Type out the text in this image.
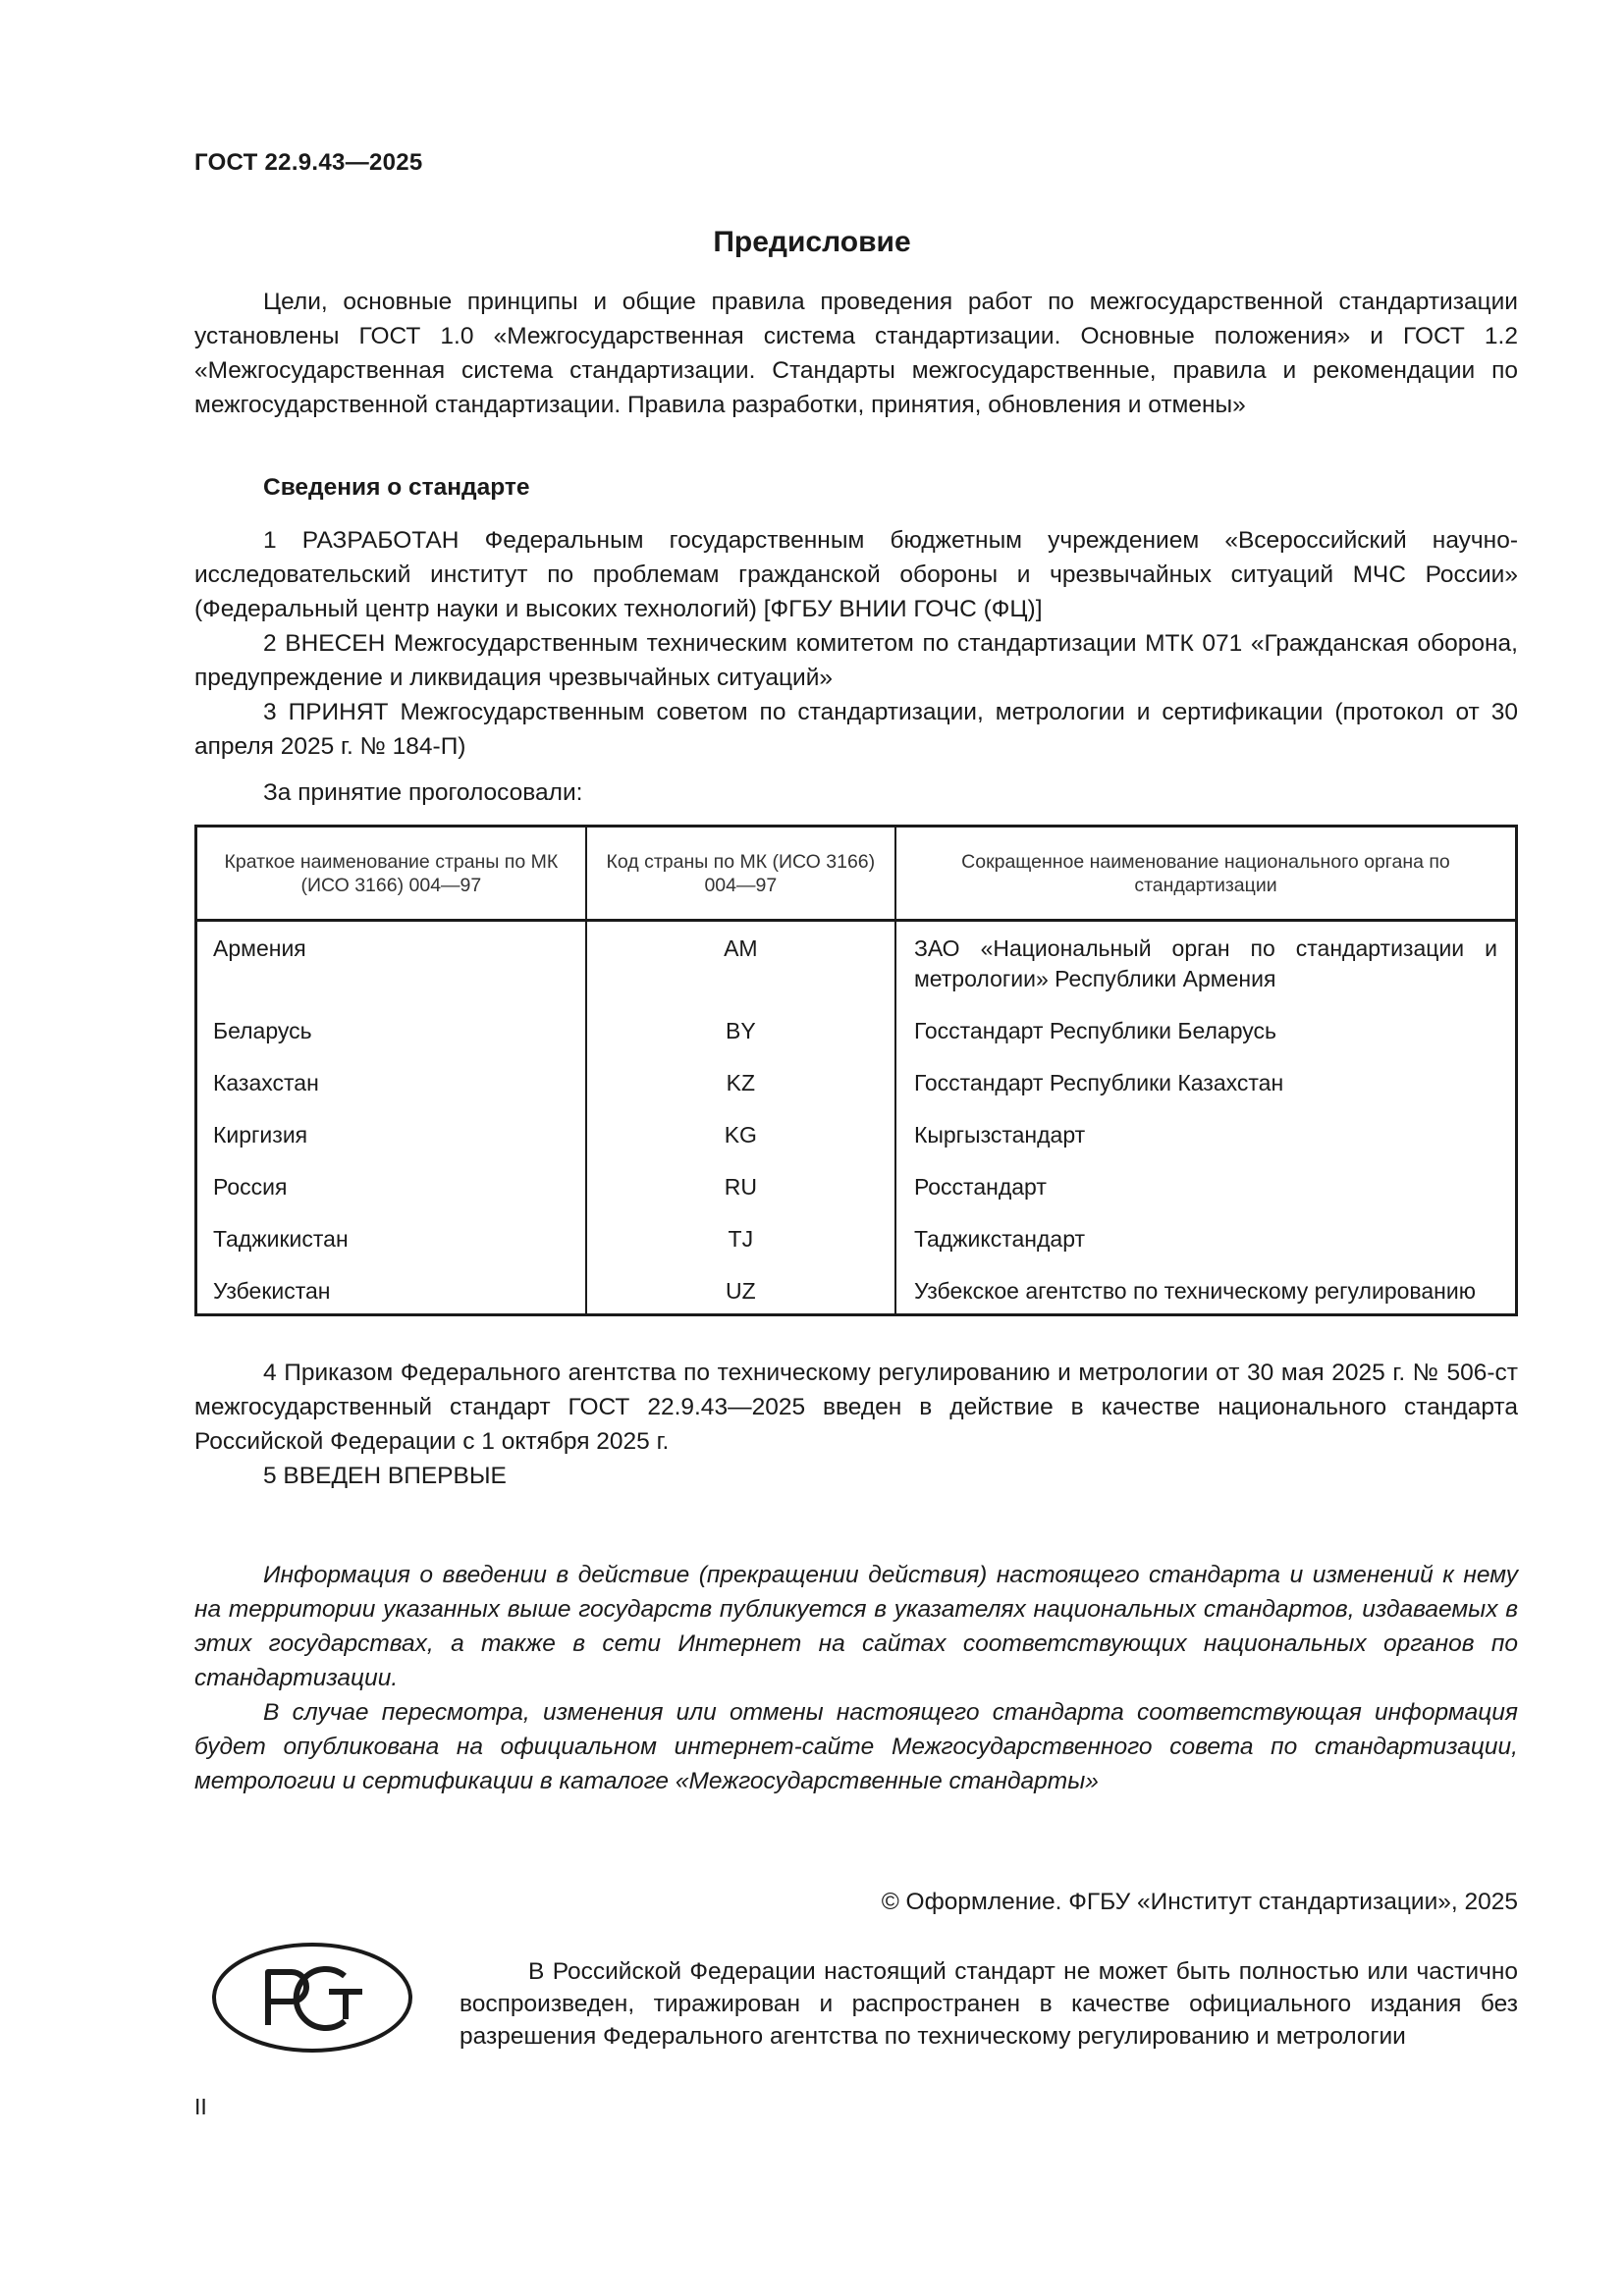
ГОСТ 22.9.43—2025
Предисловие

Цели, основные принципы и общие правила проведения работ по межгосударственной стандартизации установлены ГОСТ 1.0 «Межгосударственная система стандартизации. Основные положения» и ГОСТ 1.2 «Межгосударственная система стандартизации. Стандарты межгосударственные, правила и рекомендации по межгосударственной стандартизации. Правила разработки, принятия, обновления и отмены»

Сведения о стандарте

1 РАЗРАБОТАН Федеральным государственным бюджетным учреждением «Всероссийский научно-исследовательский институт по проблемам гражданской обороны и чрезвычайных ситуаций МЧС России» (Федеральный центр науки и высоких технологий) [ФГБУ ВНИИ ГОЧС (ФЦ)]

2 ВНЕСЕН Межгосударственным техническим комитетом по стандартизации МТК 071 «Гражданская оборона, предупреждение и ликвидация чрезвычайных ситуаций»

3 ПРИНЯТ Межгосударственным советом по стандартизации, метрологии и сертификации (протокол от 30 апреля 2025 г. № 184-П)

За принятие проголосовали:
Краткое наименование страны по МК (ИСО 3166) 004—97	Код страны по МК (ИСО 3166) 004—97	Сокращенное наименование национального органа по стандартизации
Армения	AM	ЗАО «Национальный орган по стандартизации и метрологии» Республики Армения
Беларусь	BY	Госстандарт Республики Беларусь
Казахстан	KZ	Госстандарт Республики Казахстан
Киргизия	KG	Кыргызстандарт
Россия	RU	Росстандарт
Таджикистан	TJ	Таджикстандарт
Узбекистан	UZ	Узбекское агентство по техническому регулированию

4 Приказом Федерального агентства по техническому регулированию и метрологии от 30 мая 2025 г. № 506-ст межгосударственный стандарт ГОСТ 22.9.43—2025 введен в действие в качестве национального стандарта Российской Федерации с 1 октября 2025 г.

5 ВВЕДЕН ВПЕРВЫЕ

Информация о введении в действие (прекращении действия) настоящего стандарта и изменений к нему на территории указанных выше государств публикуется в указателях национальных стандартов, издаваемых в этих государствах, а также в сети Интернет на сайтах соответствующих национальных органов по стандартизации.

В случае пересмотра, изменения или отмены настоящего стандарта соответствующая информация будет опубликована на официальном интернет-сайте Межгосударственного совета по стандартизации, метрологии и сертификации в каталоге «Межгосударственные стандарты»

© Оформление. ФГБУ «Институт стандартизации», 2025

В Российской Федерации настоящий стандарт не может быть полностью или частично воспроизведен, тиражирован и распространен в качестве официального издания без разрешения Федерального агентства по техническому регулированию и метрологии

II
